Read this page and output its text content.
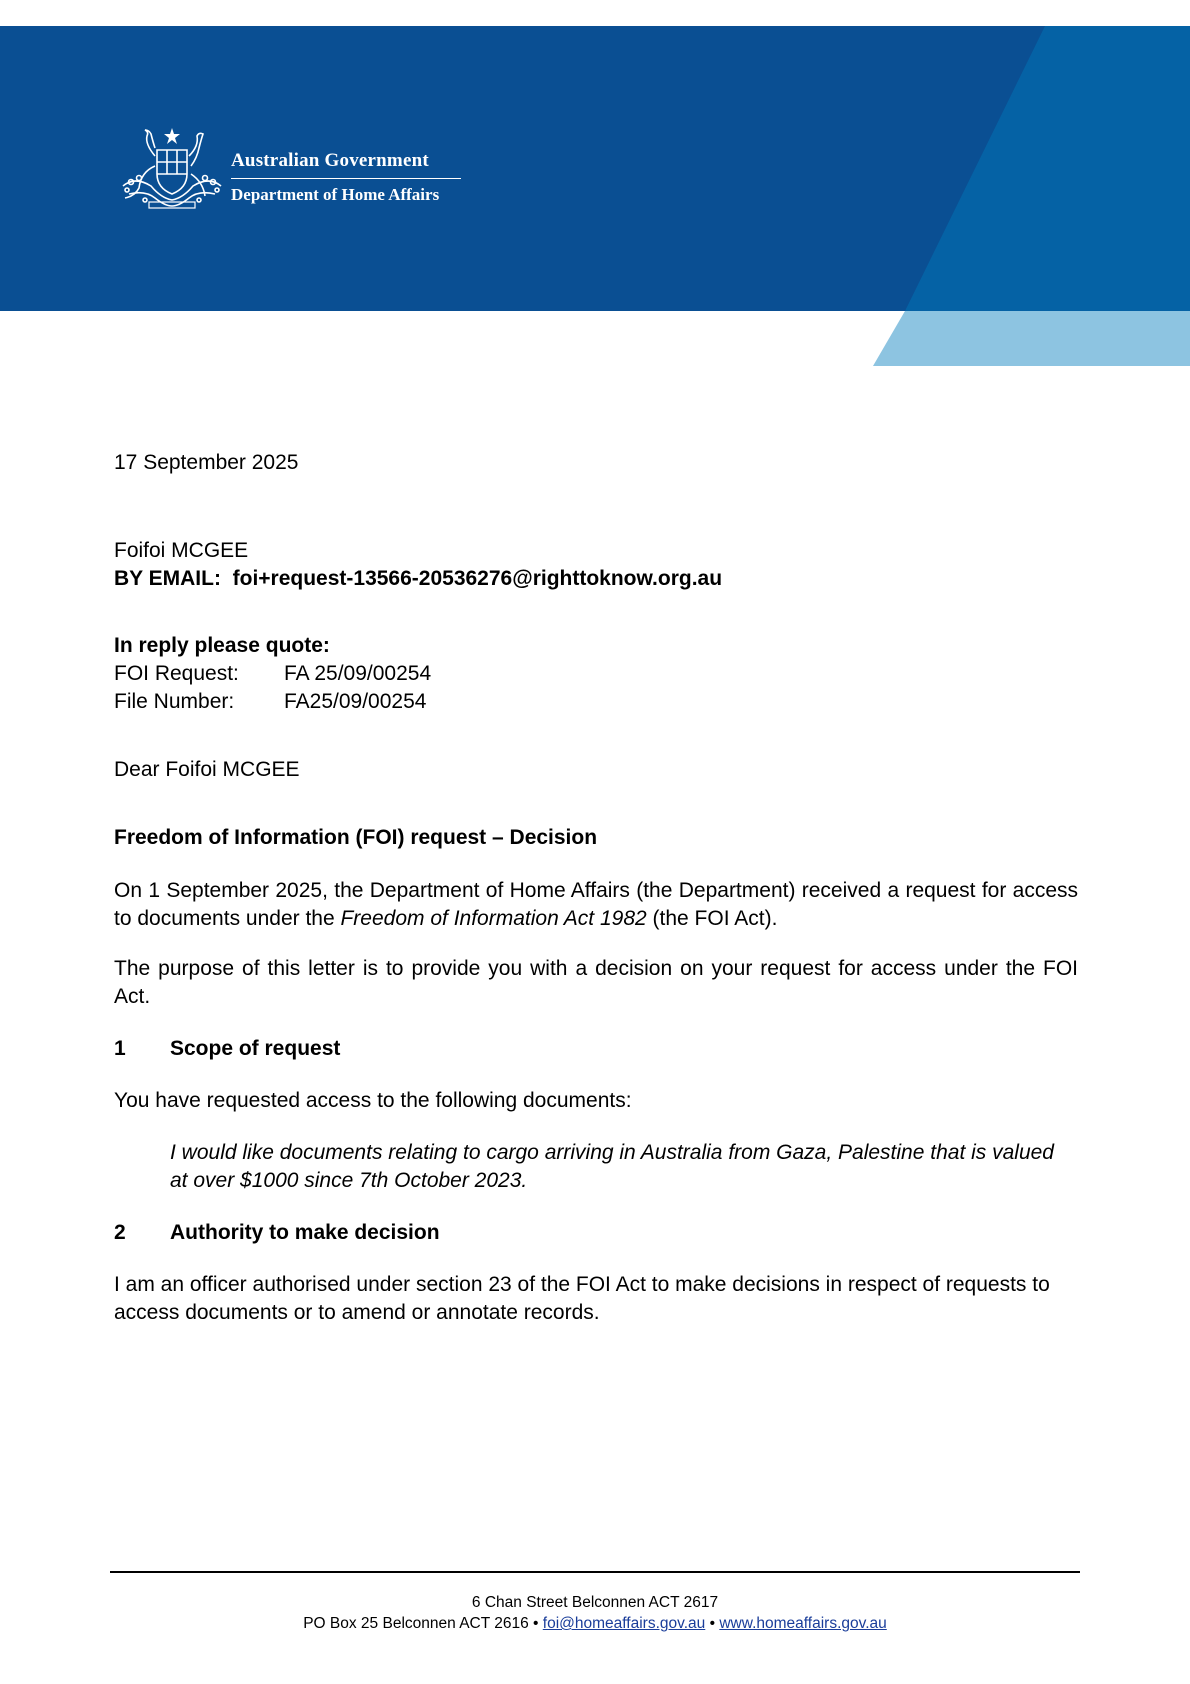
Australian Government
Department of Home Affairs

17 September 2025

Foifoi MCGEE
BY EMAIL: foi+request-13566-20536276@righttoknow.org.au
In reply please quote:
FOI Request:	FA 25/09/00254
File Number:	FA25/09/00254

Dear Foifoi MCGEE

Freedom of Information (FOI) request – Decision

On 1 September 2025, the Department of Home Affairs (the Department) received a request for access to documents under the Freedom of Information Act 1982 (the FOI Act).

The purpose of this letter is to provide you with a decision on your request for access under the FOI Act.

1	Scope of request

You have requested access to the following documents:

I would like documents relating to cargo arriving in Australia from Gaza, Palestine that is valued at over $1000 since 7th October 2023.

2	Authority to make decision

I am an officer authorised under section 23 of the FOI Act to make decisions in respect of requests to access documents or to amend or annotate records.

6 Chan Street Belconnen ACT 2617
PO Box 25 Belconnen ACT 2616 • foi@homeaffairs.gov.au • www.homeaffairs.gov.au
